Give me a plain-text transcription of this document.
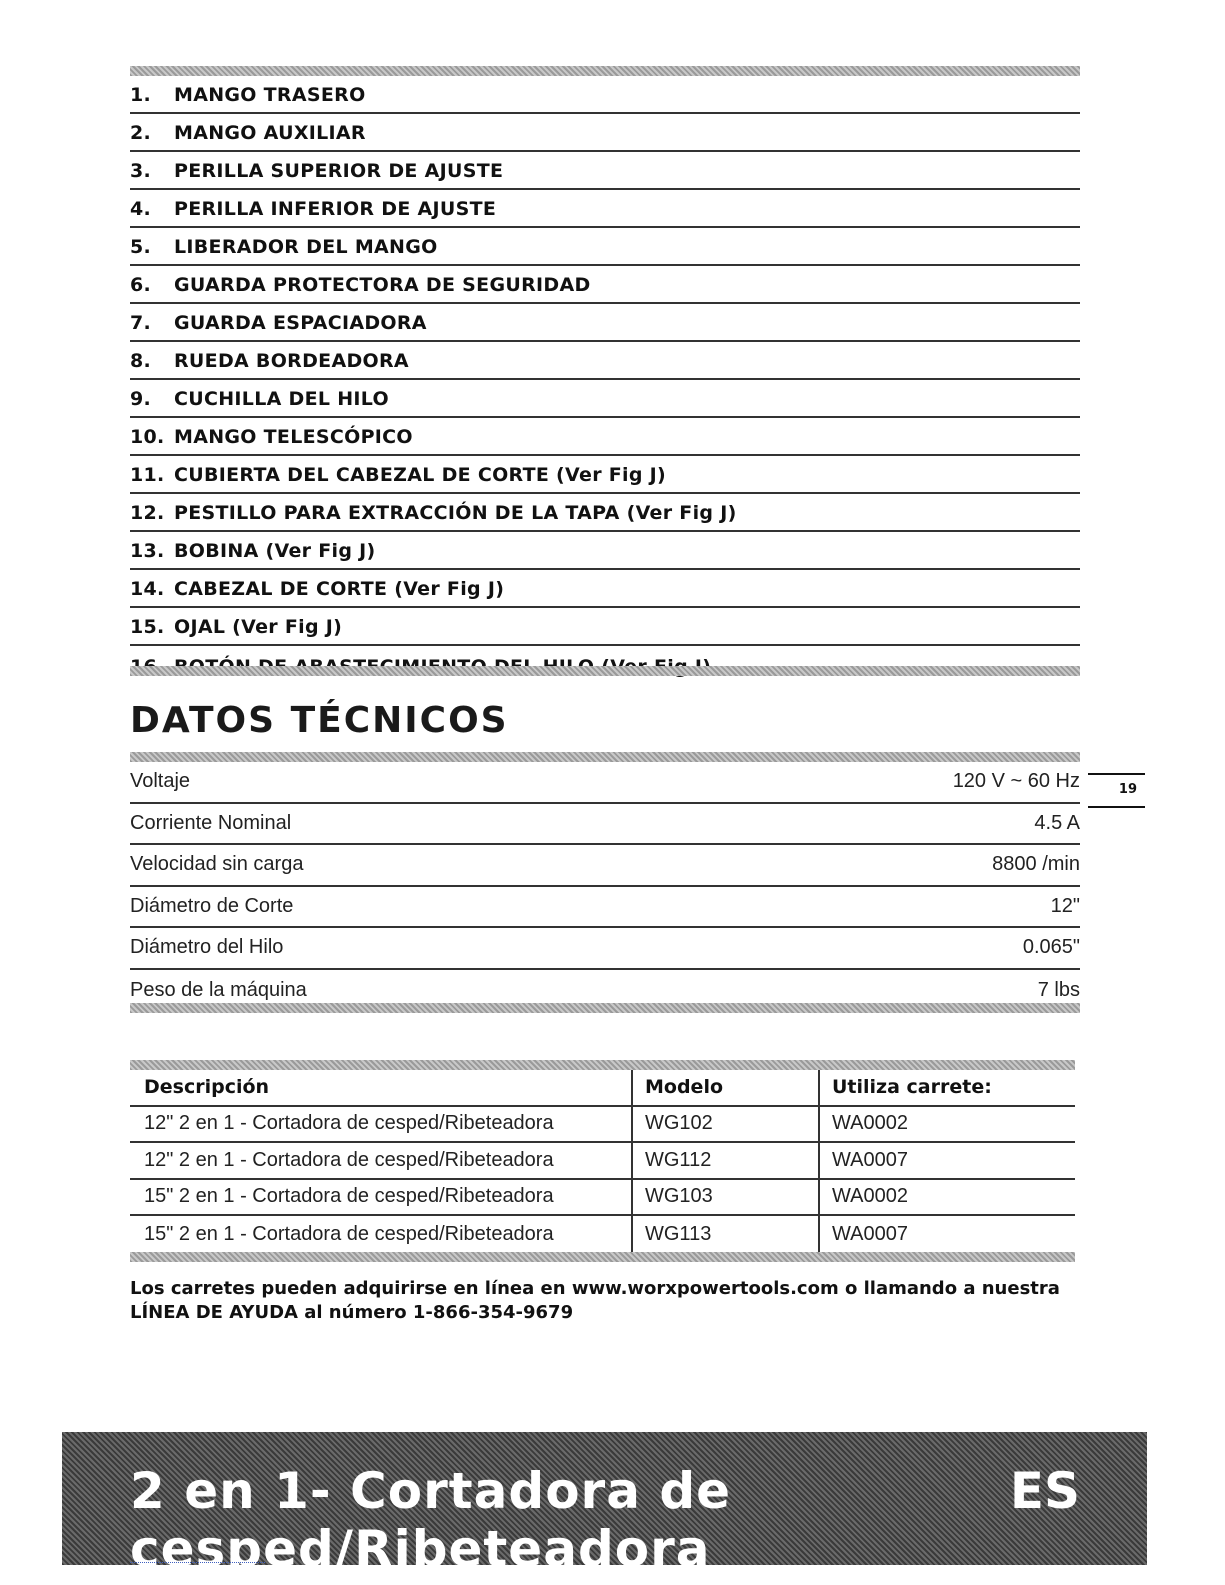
1.	MANGO TRASERO
2.	MANGO AUXILIAR
3.	PERILLA SUPERIOR DE AJUSTE
4.	PERILLA INFERIOR DE AJUSTE
5.	LIBERADOR DEL MANGO
6.	GUARDA PROTECTORA DE SEGURIDAD
7.	GUARDA ESPACIADORA
8.	RUEDA BORDEADORA
9.	CUCHILLA DEL HILO
10. MANGO TELESCÓPICO
11. CUBIERTA DEL CABEZAL DE CORTE (Ver Fig J)
12. PESTILLO PARA EXTRACCIÓN DE LA TAPA (Ver Fig J)
13. BOBINA (Ver Fig J)
14. CABEZAL DE CORTE (Ver Fig J)
15. OJAL (Ver Fig J)
DATOS TÉCNICOS
Voltaje	120 V ~ 60 Hz
Corriente Nominal	4.5 A
Velocidad sin carga	8800 /min
Diámetro de Corte	12"
Diámetro del Hilo	0.065"
Peso de la máquina	7 lbs
19
Descripción	Modelo	Utiliza carrete:
12" 2 en 1 - Cortadora de cesped/Ribeteadora	WG102	WA0002
12" 2 en 1 - Cortadora de cesped/Ribeteadora	WG112	WA0007
15" 2 en 1 - Cortadora de cesped/Ribeteadora	WG103	WA0002
15" 2 en 1 - Cortadora de cesped/Ribeteadora	WG113	WA0007
Los carretes pueden adquirirse en línea en www.worxpowertools.com o llamando a nuestra LÍNEA DE AYUDA al número 1-866-354-9679
2 en 1- Cortadora de cesped/Ribeteadora
ES
